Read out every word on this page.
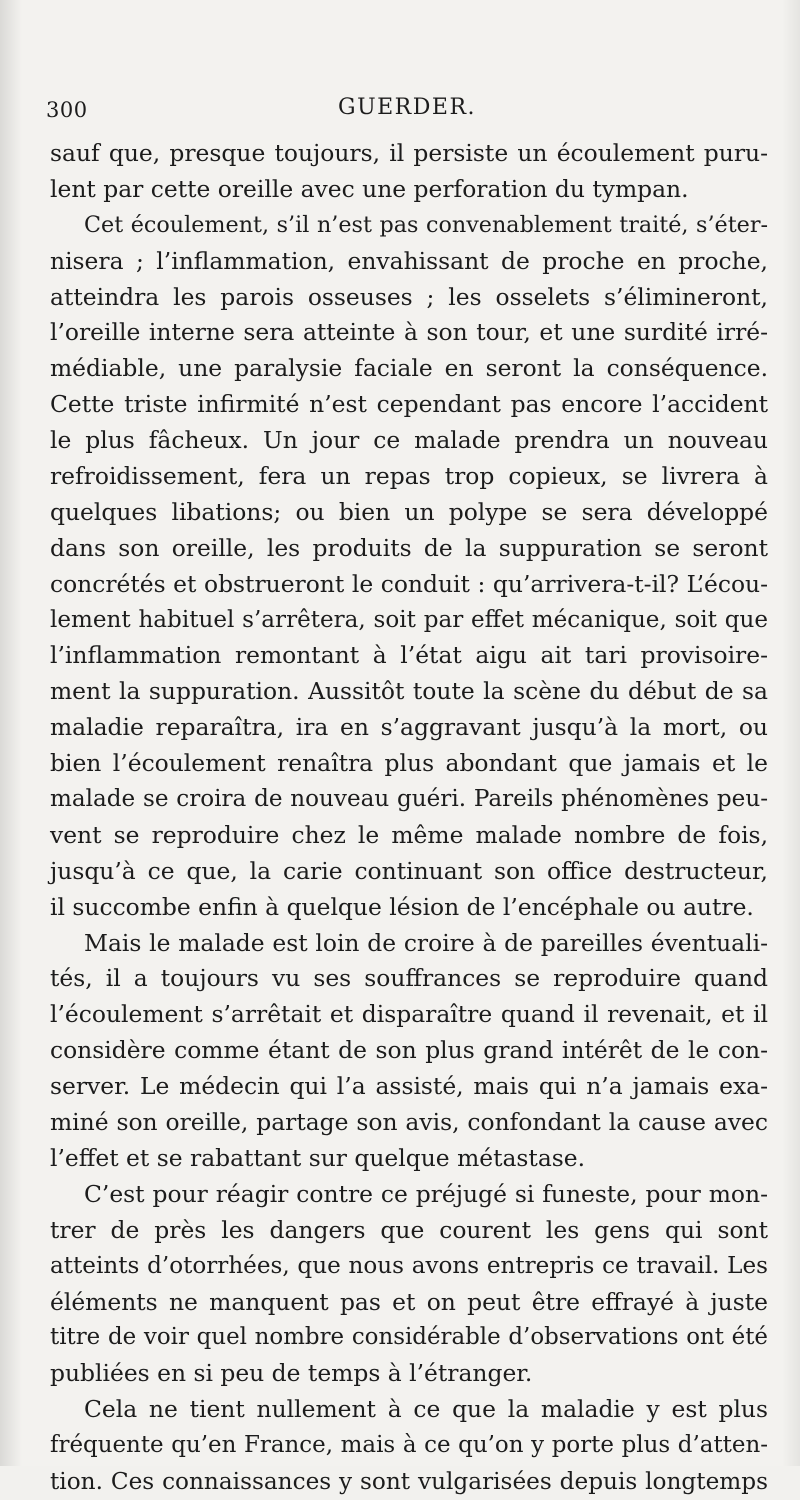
300	GUERDER.
sauf que, presque toujours, il persiste un écoulement puru-
lent par cette oreille avec une perforation du tympan.
Cet écoulement, s’il n’est pas convenablement traité, s’éter-
nisera ; l’inflammation, envahissant de proche en proche,
atteindra les parois osseuses ; les osselets s’élimineront,
l’oreille interne sera atteinte à son tour, et une surdité irré-
médiable, une paralysie faciale en seront la conséquence.
Cette triste infirmité n’est cependant pas encore l’accident
le plus fâcheux. Un jour ce malade prendra un nouveau
refroidissement, fera un repas trop copieux, se livrera à
quelques libations; ou bien un polype se sera développé
dans son oreille, les produits de la suppuration se seront
concrétés et obstrueront le conduit : qu’arrivera-t-il? L’écou-
lement habituel s’arrêtera, soit par effet mécanique, soit que
l’inflammation remontant à l’état aigu ait tari provisoire-
ment la suppuration. Aussitôt toute la scène du début de sa
maladie reparaîtra, ira en s’aggravant jusqu’à la mort, ou
bien l’écoulement renaîtra plus abondant que jamais et le
malade se croira de nouveau guéri. Pareils phénomènes peu-
vent se reproduire chez le même malade nombre de fois,
jusqu’à ce que, la carie continuant son office destructeur,
il succombe enfin à quelque lésion de l’encéphale ou autre.
Mais le malade est loin de croire à de pareilles éventuali-
tés, il a toujours vu ses souffrances se reproduire quand
l’écoulement s’arrêtait et disparaître quand il revenait, et il
considère comme étant de son plus grand intérêt de le con-
server. Le médecin qui l’a assisté, mais qui n’a jamais exa-
miné son oreille, partage son avis, confondant la cause avec
l’effet et se rabattant sur quelque métastase.
C’est pour réagir contre ce préjugé si funeste, pour mon-
trer de près les dangers que courent les gens qui sont
atteints d’otorrhées, que nous avons entrepris ce travail. Les
éléments ne manquent pas et on peut être effrayé à juste
titre de voir quel nombre considérable d’observations ont été
publiées en si peu de temps à l’étranger.
Cela ne tient nullement à ce que la maladie y est plus
fréquente qu’en France, mais à ce qu’on y porte plus d’atten-
tion. Ces connaissances y sont vulgarisées depuis longtemps
